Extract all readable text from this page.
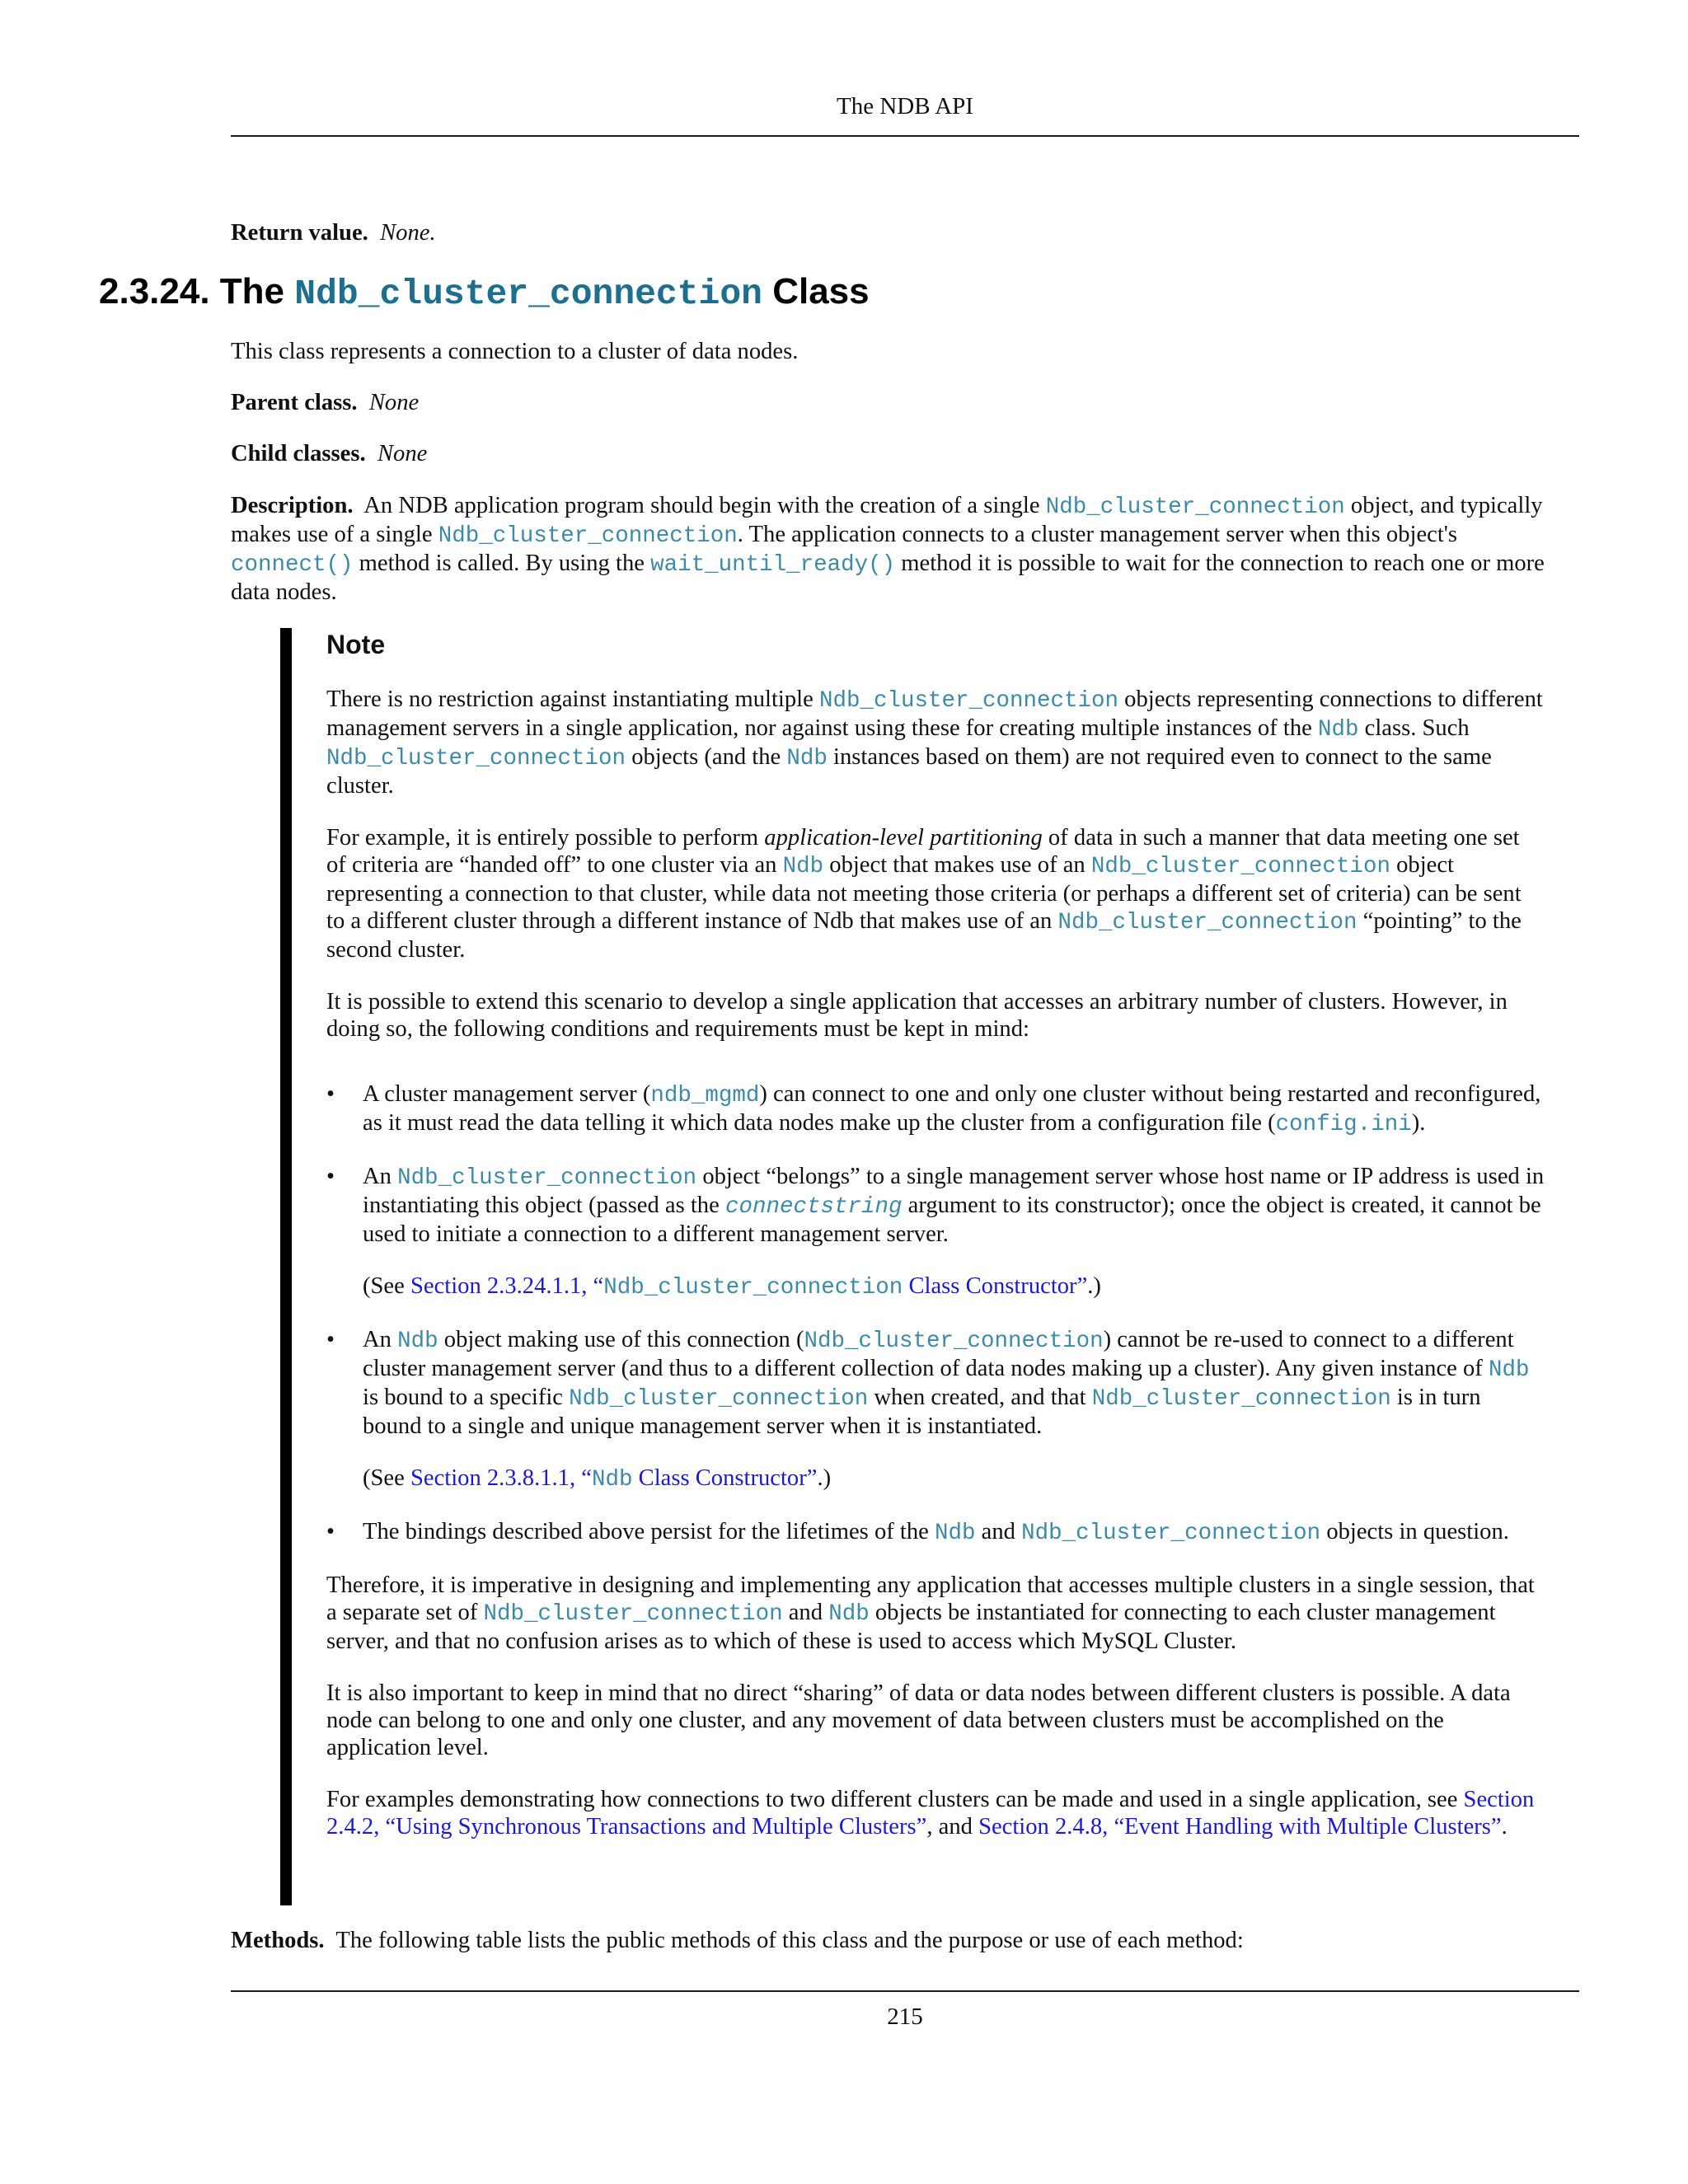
The NDB API
Return value. None.
2.3.24. The Ndb_cluster_connection Class
This class represents a connection to a cluster of data nodes.
Parent class. None
Child classes. None
Description. An NDB application program should begin with the creation of a single Ndb_cluster_connection object, and typically makes use of a single Ndb_cluster_connection. The application connects to a cluster management server when this object's connect() method is called. By using the wait_until_ready() method it is possible to wait for the connection to reach one or more data nodes.
Note

There is no restriction against instantiating multiple Ndb_cluster_connection objects representing connections to different management servers in a single application, nor against using these for creating multiple instances of the Ndb class. Such Ndb_cluster_connection objects (and the Ndb instances based on them) are not required even to connect to the same cluster.

For example, it is entirely possible to perform application-level partitioning of data in such a manner that data meeting one set of criteria are “handed off” to one cluster via an Ndb object that makes use of an Ndb_cluster_connection object representing a connection to that cluster, while data not meeting those criteria (or perhaps a different set of criteria) can be sent to a different cluster through a different instance of Ndb that makes use of an Ndb_cluster_connection “pointing” to the second cluster.

It is possible to extend this scenario to develop a single application that accesses an arbitrary number of clusters. However, in doing so, the following conditions and requirements must be kept in mind:

• A cluster management server (ndb_mgmd) can connect to one and only one cluster without being restarted and reconfigured, as it must read the data telling it which data nodes make up the cluster from a configuration file (config.ini).

• An Ndb_cluster_connection object “belongs” to a single management server whose host name or IP address is used in instantiating this object (passed as the connectstring argument to its constructor); once the object is created, it cannot be used to initiate a connection to a different management server.

(See Section 2.3.24.1.1, “Ndb_cluster_connection Class Constructor”.)

• An Ndb object making use of this connection (Ndb_cluster_connection) cannot be re-used to connect to a different cluster management server (and thus to a different collection of data nodes making up a cluster). Any given instance of Ndb is bound to a specific Ndb_cluster_connection when created, and that Ndb_cluster_connection is in turn bound to a single and unique management server when it is instantiated.

(See Section 2.3.8.1.1, “Ndb Class Constructor”.)

• The bindings described above persist for the lifetimes of the Ndb and Ndb_cluster_connection objects in question.

Therefore, it is imperative in designing and implementing any application that accesses multiple clusters in a single session, that a separate set of Ndb_cluster_connection and Ndb objects be instantiated for connecting to each cluster management server, and that no confusion arises as to which of these is used to access which MySQL Cluster.

It is also important to keep in mind that no direct “sharing” of data or data nodes between different clusters is possible. A data node can belong to one and only one cluster, and any movement of data between clusters must be accomplished on the application level.

For examples demonstrating how connections to two different clusters can be made and used in a single application, see Section 2.4.2, “Using Synchronous Transactions and Multiple Clusters”, and Section 2.4.8, “Event Handling with Multiple Clusters”.

Methods. The following table lists the public methods of this class and the purpose or use of each method:
215
